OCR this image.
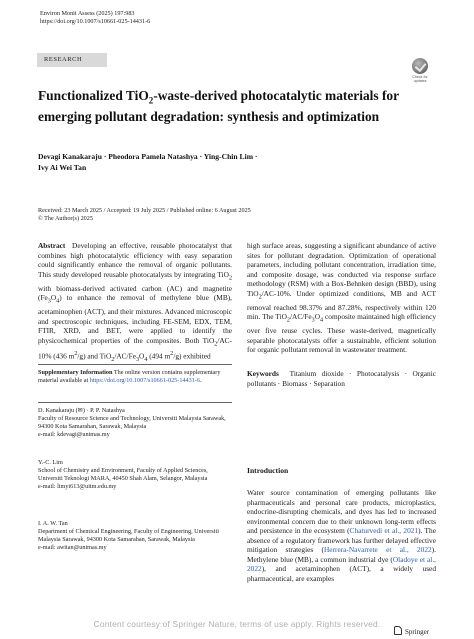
Environ Monit Assess (2025) 197:983
https://doi.org/10.1007/s10661-025-14431-6
RESEARCH
Check for
updates
Functionalized TiO$_2$-waste-derived photocatalytic materials for emerging pollutant degradation: synthesis and optimization
Devagi Kanakaraju · Pheodora Pamela Natashya · Ying-Chin Lim ·
Ivy Ai Wei Tan
Received: 23 March 2025 / Accepted: 19 July 2025 / Published online: 6 August 2025
© The Author(s) 2025
Abstract Developing an effective, reusable photocatalyst that combines high photocatalytic efficiency with easy separation could significantly enhance the removal of organic pollutants. This study developed reusable photocatalysts by integrating TiO$_2$ with biomass-derived activated carbon (AC) and magnetite $(Fe_3O_4)$ to enhance the removal of methylene blue (MB), acetaminophen (ACT), and their mixtures. Advanced microscopic and spectroscopic techniques, including FE-SEM, EDX, TEM, FTIR, XRD, and BET, were applied to identify the physicochemical properties of the composites. Both TiO$_2$/AC-10% (436 $m^2/g$) and $TiO_2/AC/Fe_3O_4$ (494 $m^2/g$) exhibited
high surface areas, suggesting a significant abundance of active sites for pollutant degradation. Optimization of operational parameters, including pollutant concentration, irradiation time, and composite dosage, was conducted via response surface methodology (RSM) with a Box-Behnken design (BBD), using TiO$_2$/AC-10%. Under optimized conditions, MB and ACT removal reached 98.37% and 87.28%, respectively within 120 min. The $TiO_2/AC/Fe_3O_4$ composite maintained high efficiency over five reuse cycles. These waste-derived, magnetically separable photocatalysts offer a sustainable, efficient solution for organic pollutant removal in wastewater treatment.
Supplementary Information The online version contains supplementary material available at https://doi.org/10.1007/s10661-025-14431-6.
D. Kanakaraju (✉) · P. P. Natashya
Faculty of Resource Science and Technology, Universiti Malaysia Sarawak, 94300 Kota Samarahan, Sarawak, Malaysia
e-mail: kdevagi@unimas.my
Y.-C. Lim
School of Chemistry and Environment, Faculty of Applied Sciences, Universiti Teknologi MARA, 40450 Shah Alam, Selangor, Malaysia
e-mail: limyi613@uitm.edu.my
I. A. W. Tan
Department of Chemical Engineering, Faculty of Engineering, Universiti Malaysia Sarawak, 94300 Kota Samarahan, Sarawak, Malaysia
e-mail: awitan@unimas.my
Keywords Titanium dioxide · Photocatalysis · Organic pollutants · Biomass · Separation
Introduction
Water source contamination of emerging pollutants like pharmaceuticals and personal care products, microplastics, endocrine-disrupting chemicals, and dyes has led to increased environmental concern due to their unknown long-term effects and persistence in the ecosystem (Chaturvedi et al., 2021). The absence of a regulatory framework has further delayed effective mitigation strategies (Herrera-Navarrete et al., 2022). Methylene blue (MB), a common industrial dye (Oladoye et al., 2022), and acetaminophen (ACT), a widely used pharmaceutical, are examples
Content courtesy of Springer Nature, terms of use apply. Rights reserved.
Springer
